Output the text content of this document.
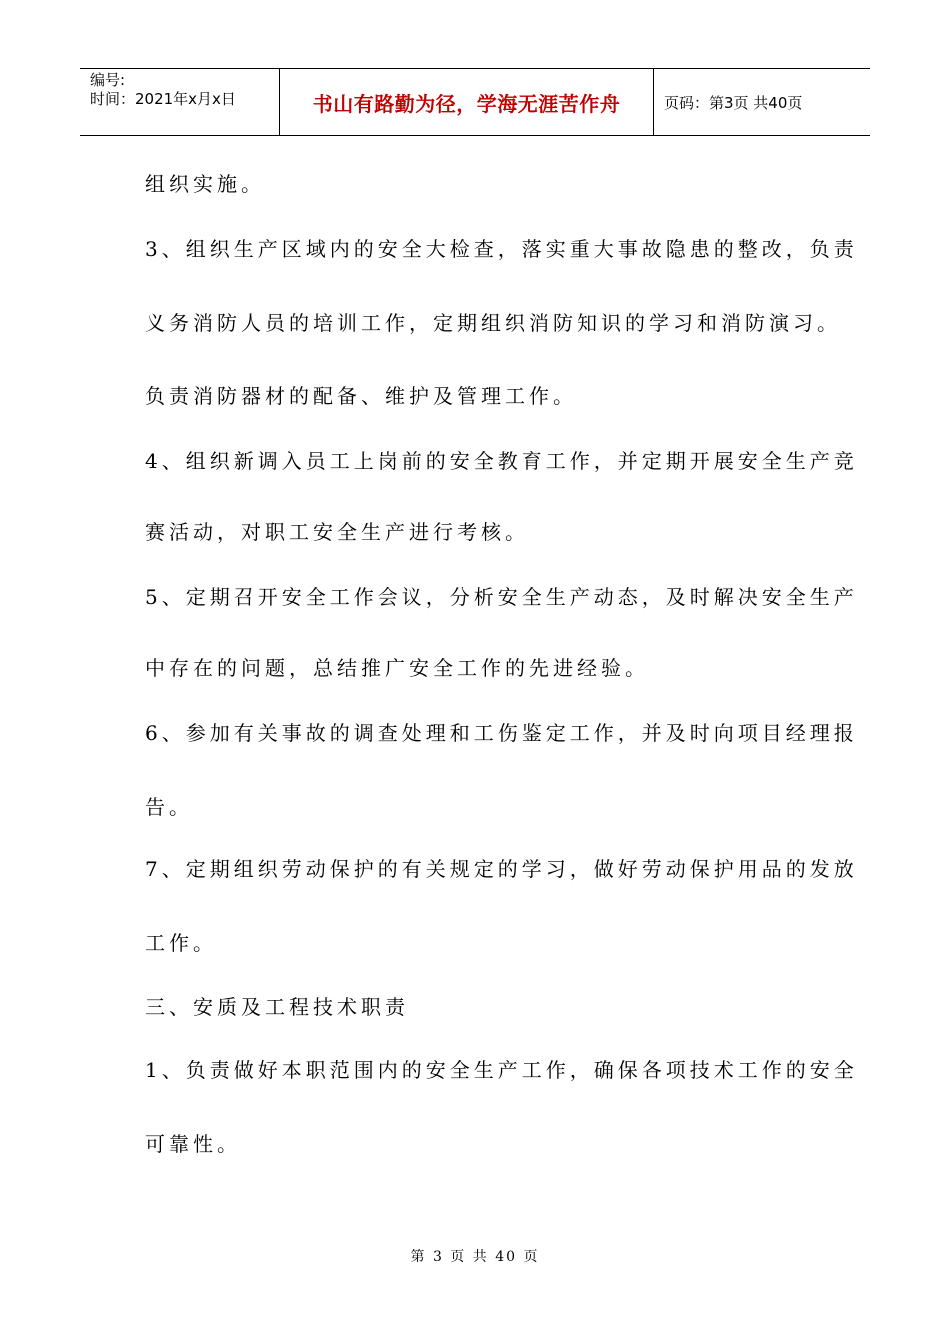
编号:
时间：2021年x月x日	书山有路勤为径，学海无涯苦作舟	页码：第3页 共40页
组织实施。
3、组织生产区域内的安全大检查，落实重大事故隐患的整改，负责
义务消防人员的培训工作，定期组织消防知识的学习和消防演习。
负责消防器材的配备、维护及管理工作。
4、组织新调入员工上岗前的安全教育工作，并定期开展安全生产竞
赛活动，对职工安全生产进行考核。
5、定期召开安全工作会议，分析安全生产动态，及时解决安全生产
中存在的问题，总结推广安全工作的先进经验。
6、参加有关事故的调查处理和工伤鉴定工作，并及时向项目经理报
告。
7、定期组织劳动保护的有关规定的学习，做好劳动保护用品的发放
工作。
三、安质及工程技术职责
1、负责做好本职范围内的安全生产工作，确保各项技术工作的安全
可靠性。
第 3 页 共 40 页
